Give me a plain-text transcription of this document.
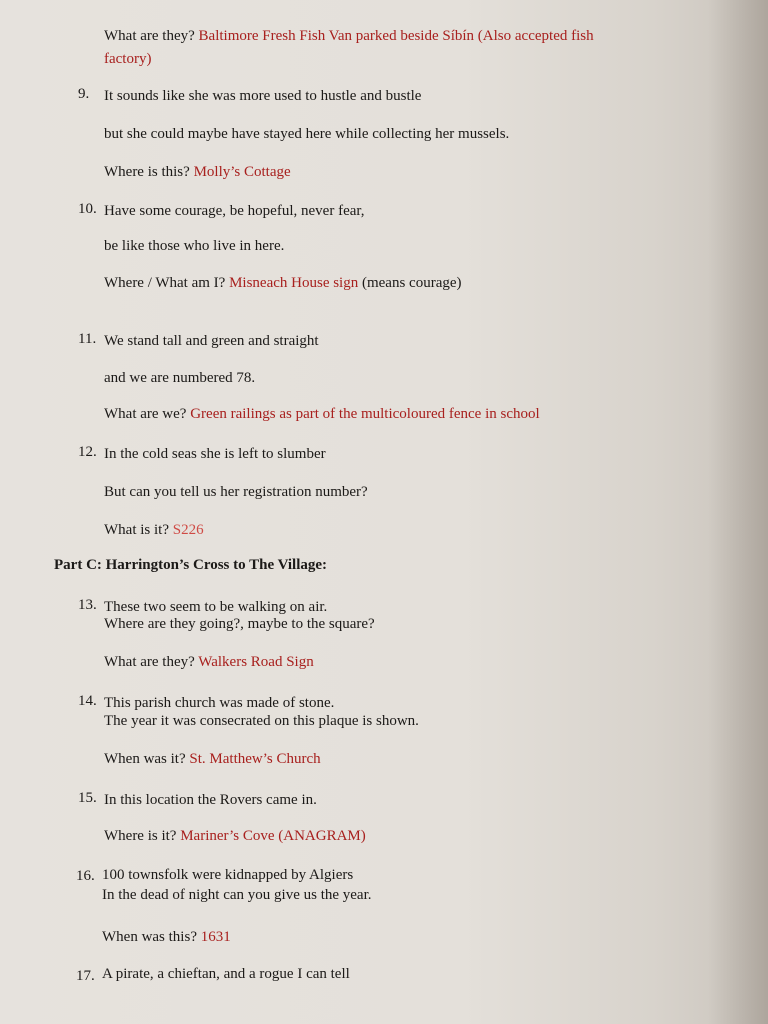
What are they? Baltimore Fresh Fish Van parked beside Síbín (Also accepted fish
factory)
9. It sounds like she was more used to hustle and bustle
but she could maybe have stayed here while collecting her mussels.
Where is this? Molly’s Cottage
10. Have some courage, be hopeful, never fear,
be like those who live in here.
Where / What am I? Misneach House sign (means courage)
11. We stand tall and green and straight
and we are numbered 78.
What are we? Green railings as part of the multicoloured fence in school
12. In the cold seas she is left to slumber
But can you tell us her registration number?
What is it? S226
Part C: Harrington’s Cross to The Village:
13. These two seem to be walking on air.
Where are they going?, maybe to the square?
What are they? Walkers Road Sign
14. This parish church was made of stone.
The year it was consecrated on this plaque is shown.
When was it? St. Matthew’s Church
15. In this location the Rovers came in.
Where is it? Mariner’s Cove (ANAGRAM)
16. 100 townsfolk were kidnapped by Algiers
In the dead of night can you give us the year.
When was this? 1631
17. A pirate, a chieftan, and a rogue I can tell
